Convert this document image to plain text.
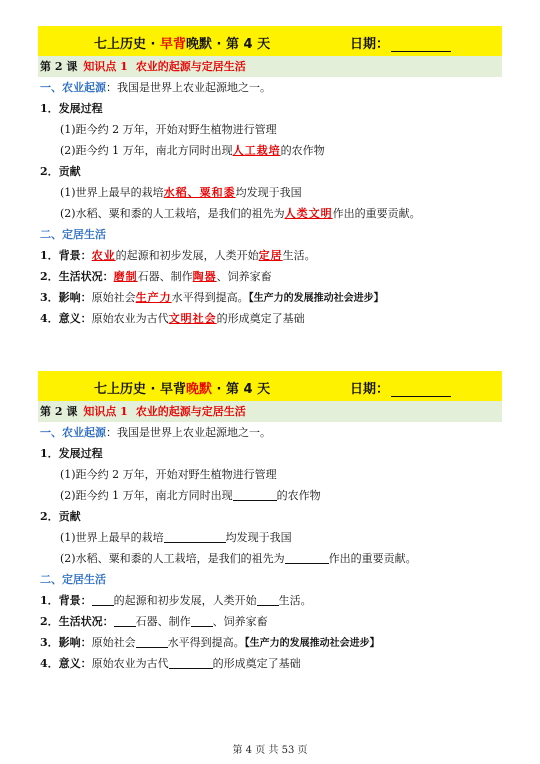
七上历史 · 早背晚默 · 第 4 天	日期：
第 2 课 知识点 1 农业的起源与定居生活
一、农业起源：我国是世界上农业起源地之一。
1．发展过程
(1)距今约 2 万年，开始对野生植物进行管理
(2)距今约 1 万年，南北方同时出现人工栽培的农作物
2．贡献
(1)世界上最早的栽培水稻、粟和黍均发现于我国
(2)水稻、粟和黍的人工栽培，是我们的祖先为人类文明作出的重要贡献。
二、定居生活
1．背景：农业的起源和初步发展，人类开始定居生活。
2．生活状况：磨制石器、制作陶器、饲养家畜
3．影响：原始社会生产力水平得到提高。【生产力的发展推动社会进步】
4．意义：原始农业为古代文明社会的形成奠定了基础
七上历史 · 早背晚默 · 第 4 天	日期：
第 2 课 知识点 1 农业的起源与定居生活
一、农业起源：我国是世界上农业起源地之一。
1．发展过程
(1)距今约 2 万年，开始对野生植物进行管理
(2)距今约 1 万年，南北方同时出现	的农作物
2．贡献
(1)世界上最早的栽培	均发现于我国
(2)水稻、粟和黍的人工栽培，是我们的祖先为	作出的重要贡献。
二、定居生活
1．背景： 的起源和初步发展，人类开始 生活。
2．生活状况： 石器、制作 、饲养家畜
3．影响：原始社会	水平得到提高。【生产力的发展推动社会进步】
4．意义：原始农业为古代	的形成奠定了基础
第 4 页 共 53 页
